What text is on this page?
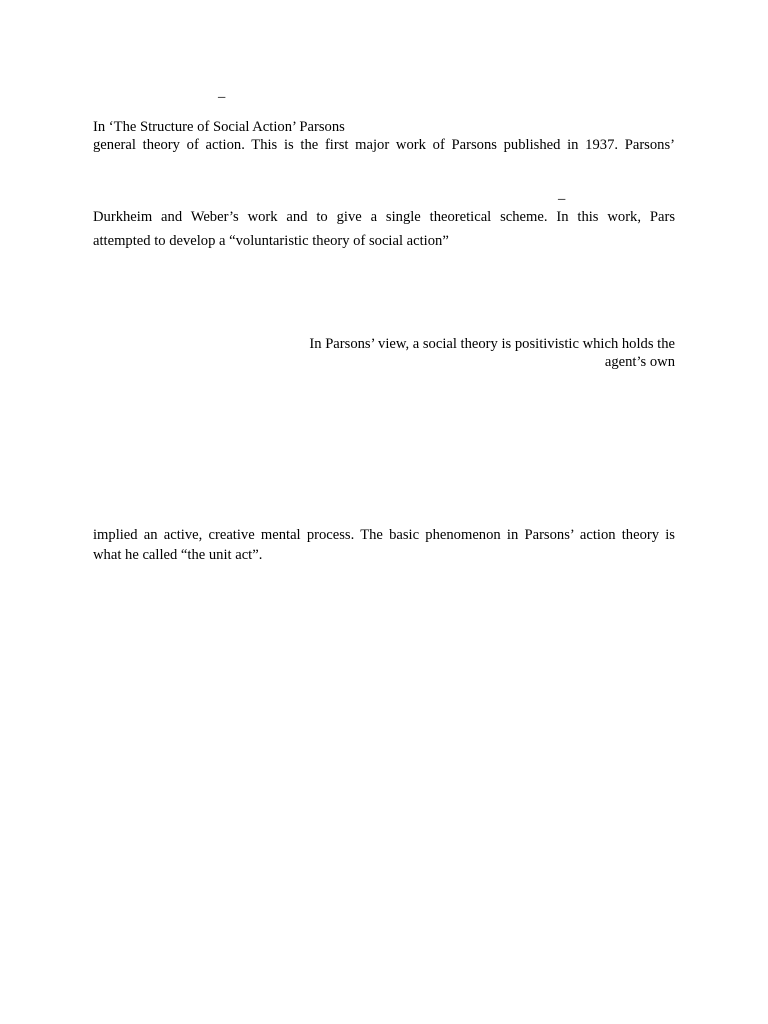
–
In ‘The Structure of Social Action’ Parsons
general theory of action. This is the first major work of Parsons published in 1937. Parsons’
–
Durkheim and Weber’s work and to give a single theoretical scheme. In this work, Pars
attempted to develop a “voluntaristic theory of social action”
In Parsons’ view, a social theory is positivistic which holds the
agent’s own
implied an active, creative mental process. The basic phenomenon in Parsons’ action theory is
what he called “the unit act”.
